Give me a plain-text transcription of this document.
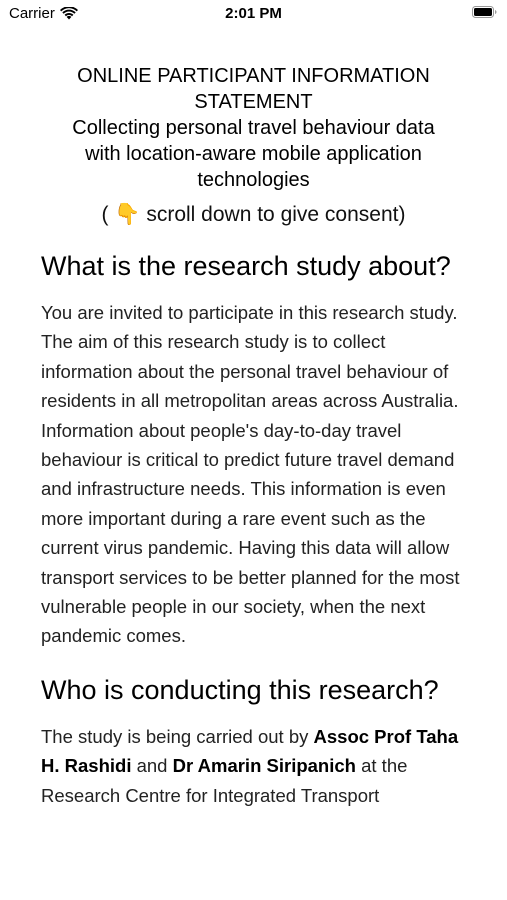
Carrier	2:01 PM
ONLINE PARTICIPANT INFORMATION
STATEMENT
Collecting personal travel behaviour data
with location-aware mobile application
technologies
( 👇 scroll down to give consent)
What is the research study about?

You are invited to participate in this research study. The aim of this research study is to collect information about the personal travel behaviour of residents in all metropolitan areas across Australia. Information about people's day-to-day travel behaviour is critical to predict future travel demand and infrastructure needs. This information is even more important during a rare event such as the current virus pandemic. Having this data will allow transport services to be better planned for the most vulnerable people in our society, when the next pandemic comes.

Who is conducting this research?

The study is being carried out by Assoc Prof Taha H. Rashidi and Dr Amarin Siripanich at the Research Centre for Integrated Transport
